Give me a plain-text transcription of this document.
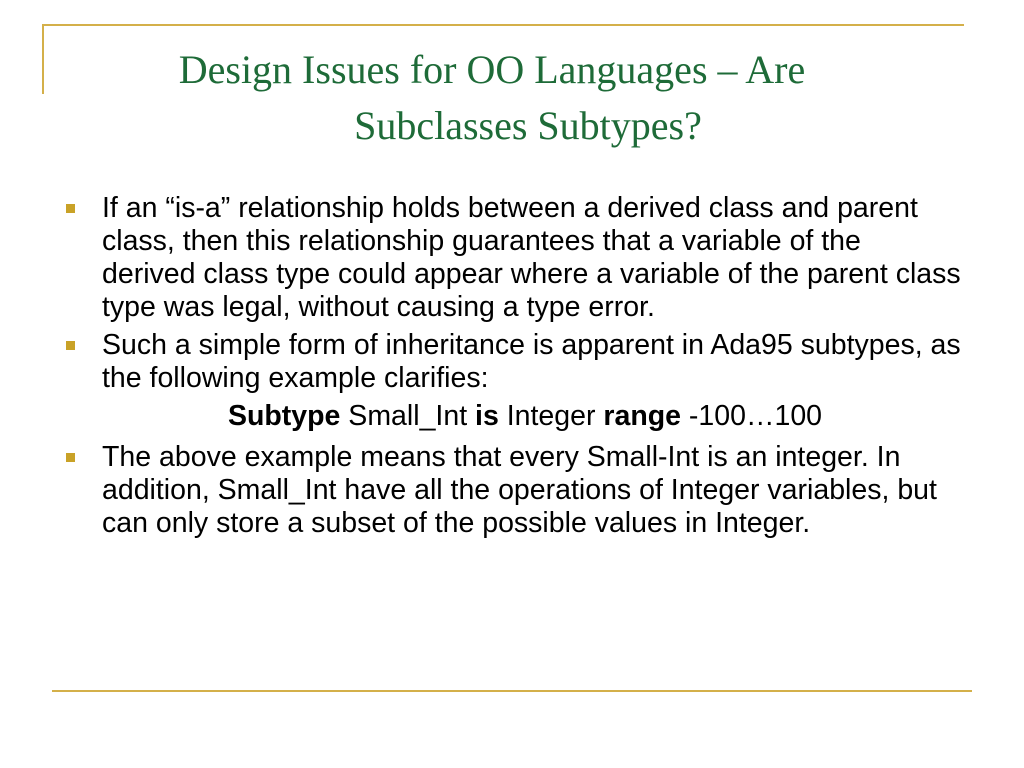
Design Issues for OO Languages – Are
Subclasses Subtypes?
If an “is-a” relationship holds between a derived class and parent class, then this relationship guarantees that a variable of the derived class type could appear where a variable of the parent class type was legal, without causing a type error.
Such a simple form of inheritance is apparent in Ada95 subtypes, as the following example clarifies:
Subtype Small_Int is Integer range -100…100
The above example means that every Small-Int is an integer. In addition, Small_Int have all the operations of Integer variables, but can only store a subset of the possible values in Integer.
